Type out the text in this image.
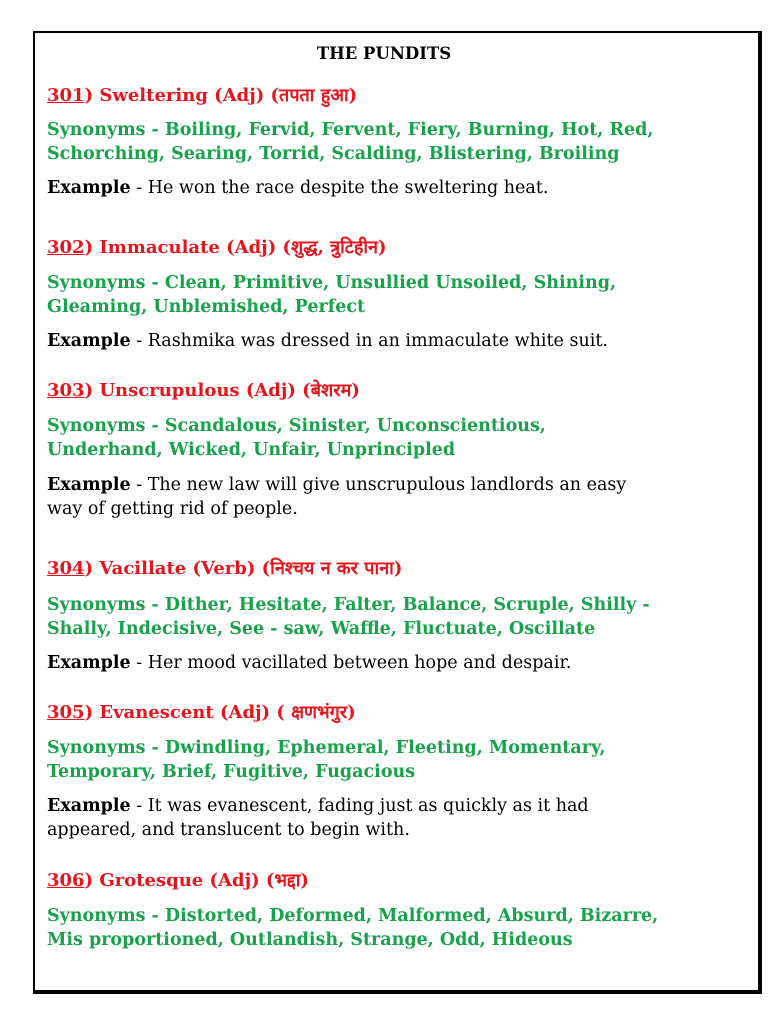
THE PUNDITS
301) Sweltering (Adj) (तपता हुआ)
Synonyms - Boiling, Fervid, Fervent, Fiery, Burning, Hot, Red,
Schorching, Searing, Torrid, Scalding, Blistering, Broiling
Example - He won the race despite the sweltering heat.
302) Immaculate (Adj) (शुद्ध, त्रुटिहीन)
Synonyms - Clean, Primitive, Unsullied Unsoiled, Shining,
Gleaming, Unblemished, Perfect
Example - Rashmika was dressed in an immaculate white suit.
303) Unscrupulous (Adj) (बेशरम)
Synonyms - Scandalous, Sinister, Unconscientious,
Underhand, Wicked, Unfair, Unprincipled
Example - The new law will give unscrupulous landlords an easy
way of getting rid of people.
304) Vacillate (Verb) (निश्चय न कर पाना)
Synonyms - Dither, Hesitate, Falter, Balance, Scruple, Shilly -
Shally, Indecisive, See - saw, Waffle, Fluctuate, Oscillate
Example - Her mood vacillated between hope and despair.
305) Evanescent (Adj) ( क्षणभंगुर)
Synonyms - Dwindling, Ephemeral, Fleeting, Momentary,
Temporary, Brief, Fugitive, Fugacious
Example - It was evanescent, fading just as quickly as it had
appeared, and translucent to begin with.
306) Grotesque (Adj) (भद्दा)
Synonyms - Distorted, Deformed, Malformed, Absurd, Bizarre,
Mis proportioned, Outlandish, Strange, Odd, Hideous
